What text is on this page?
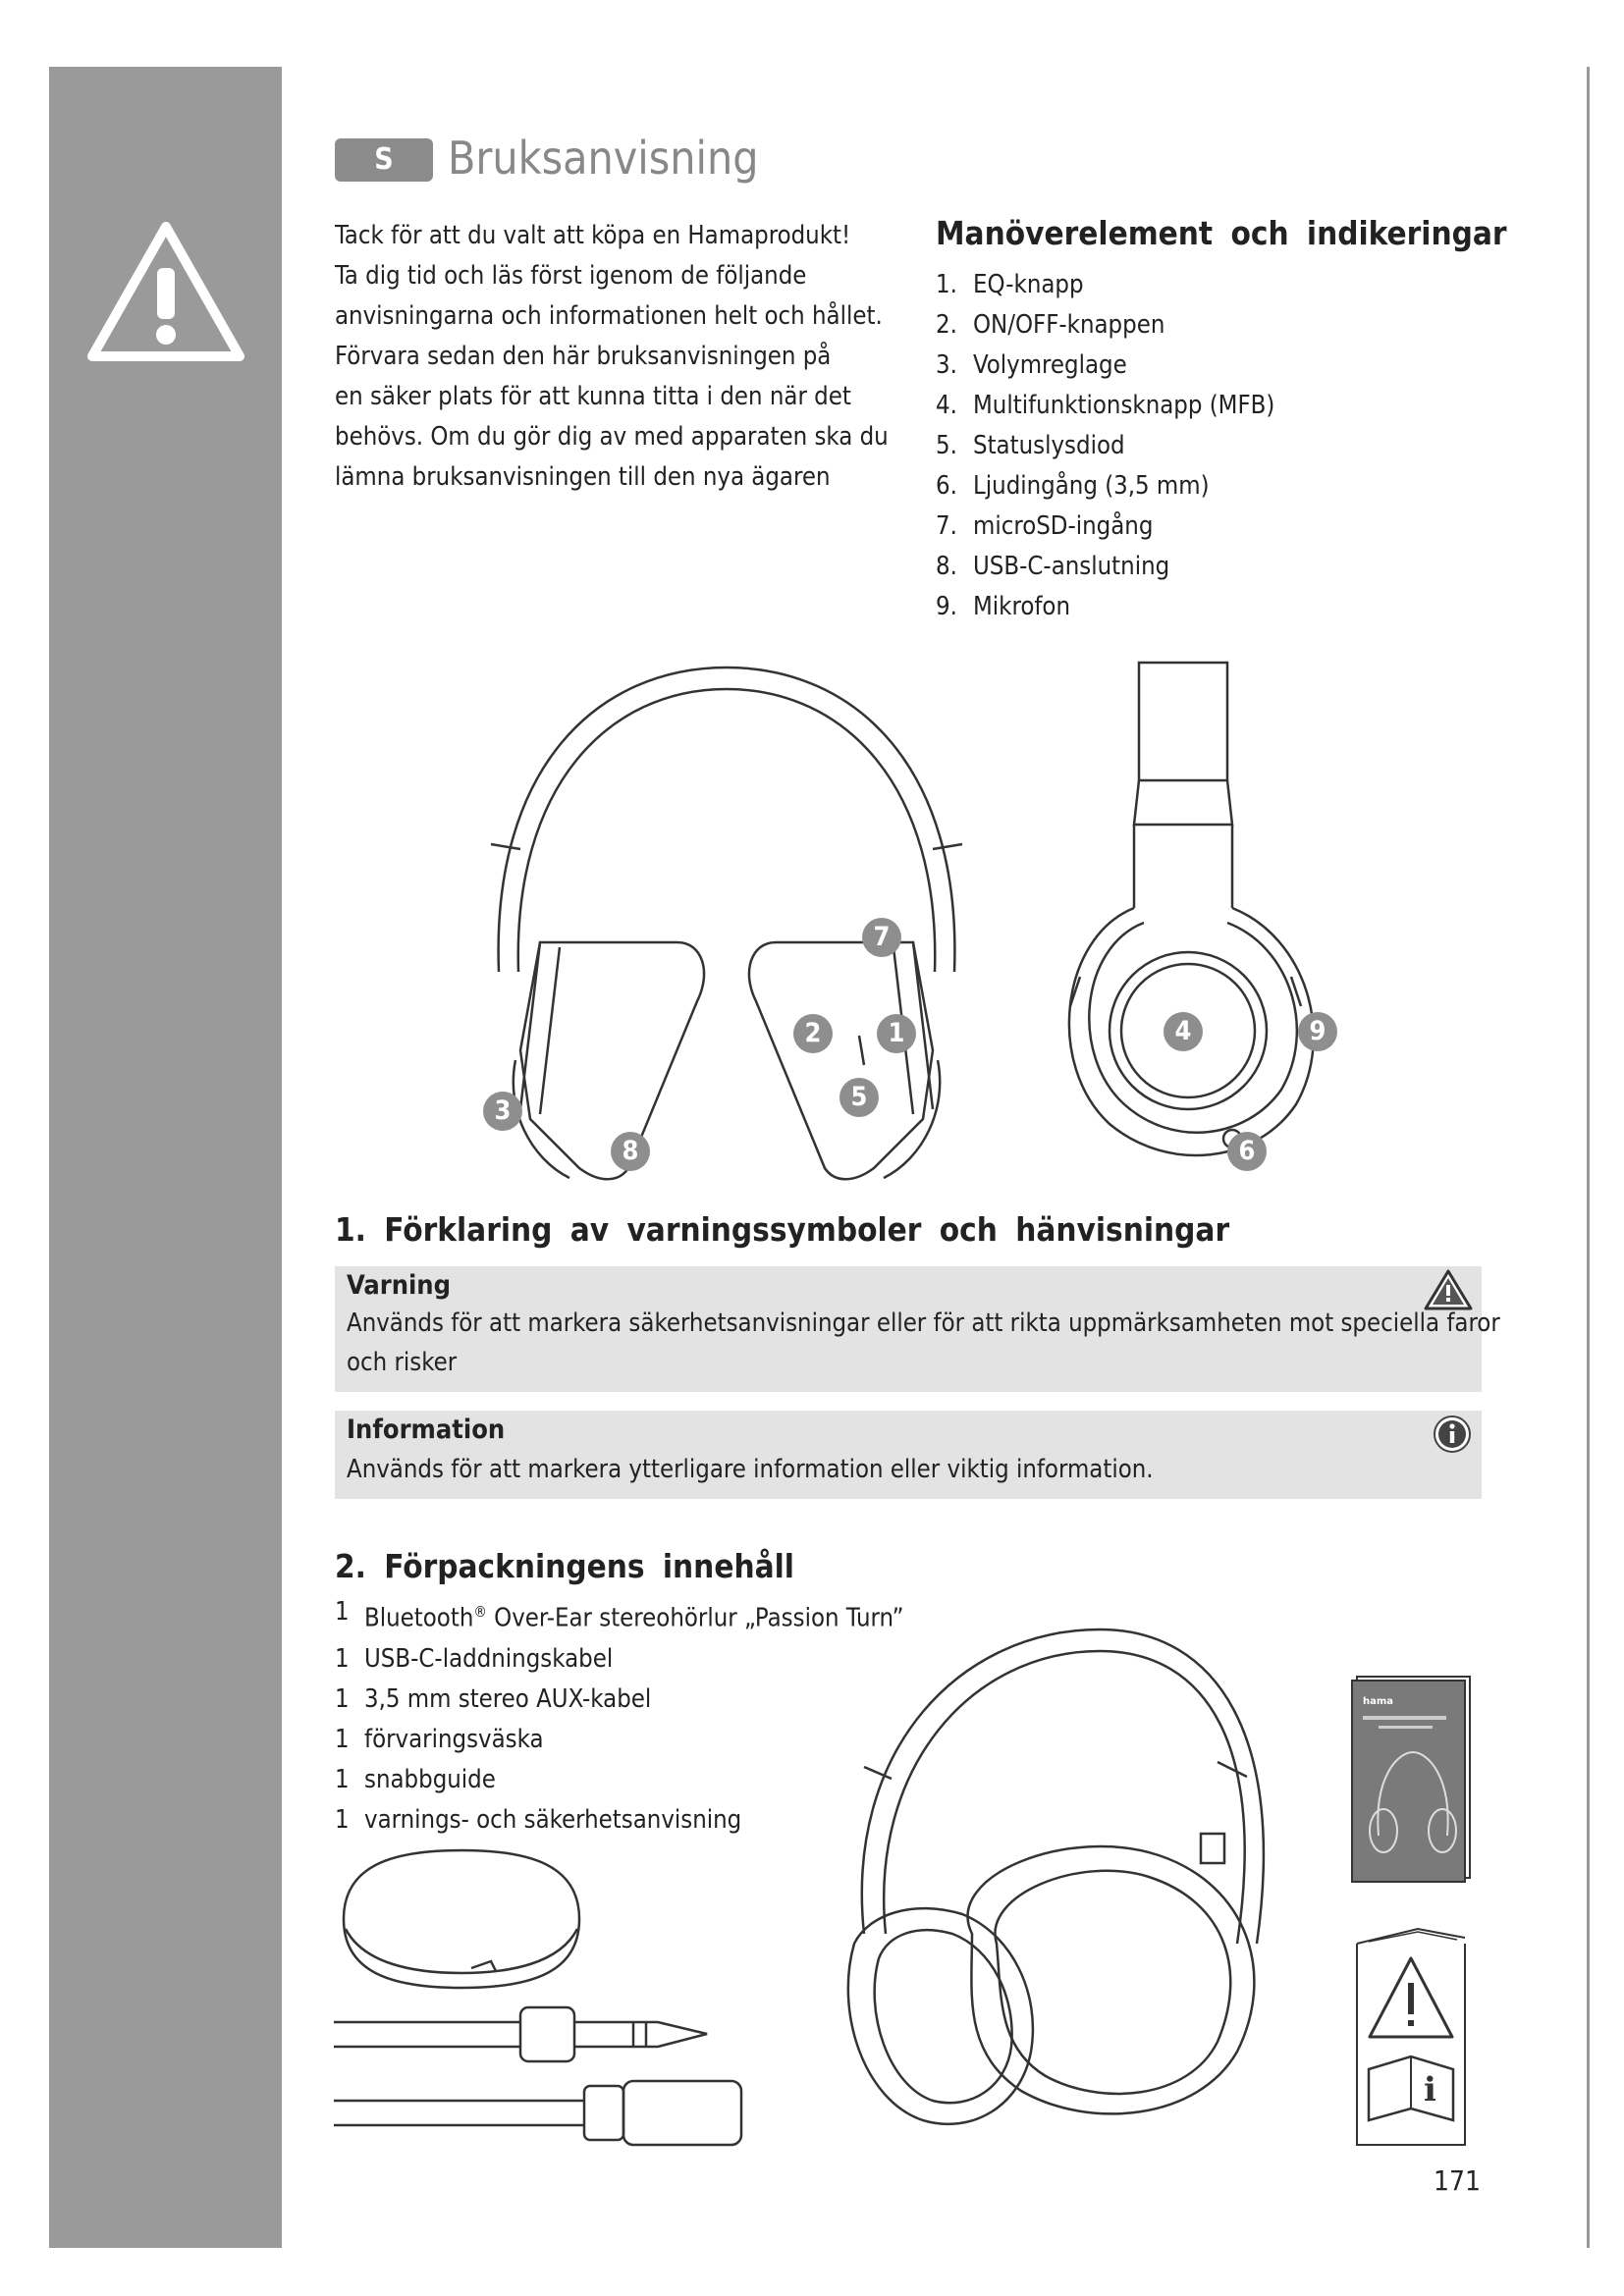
S	Bruksanvisning

Tack för att du valt att köpa en Hamaprodukt!
Ta dig tid och läs först igenom de följande
anvisningarna och informationen helt och hållet.
Förvara sedan den här bruksanvisningen på
en säker plats för att kunna titta i den när det
behövs. Om du gör dig av med apparaten ska du
lämna bruksanvisningen till den nya ägaren

Manöverelement och indikeringar
1. EQ-knapp
2. ON/OFF-knappen
3. Volymreglage
4. Multifunktionsknapp (MFB)
5. Statuslysdiod
6. Ljudingång (3,5 mm)
7. microSD-ingång
8. USB-C-anslutning
9. Mikrofon
7
2	1
5
3
8
4	9
6
1. Förklaring av varningssymboler och hänvisningar
Varning
Används för att markera säkerhetsanvisningar eller för att rikta uppmärksamheten mot speciella faror
och risker
Information
Används för att markera ytterligare information eller viktig information.
2. Förpackningens innehåll
1 Bluetooth® Over-Ear stereohörlur „Passion Turn”
1 USB-C-laddningskabel
1 3,5 mm stereo AUX-kabel
1 förvaringsväska
1 snabbguide
1 varnings- och säkerhetsanvisning
hama
i
171
